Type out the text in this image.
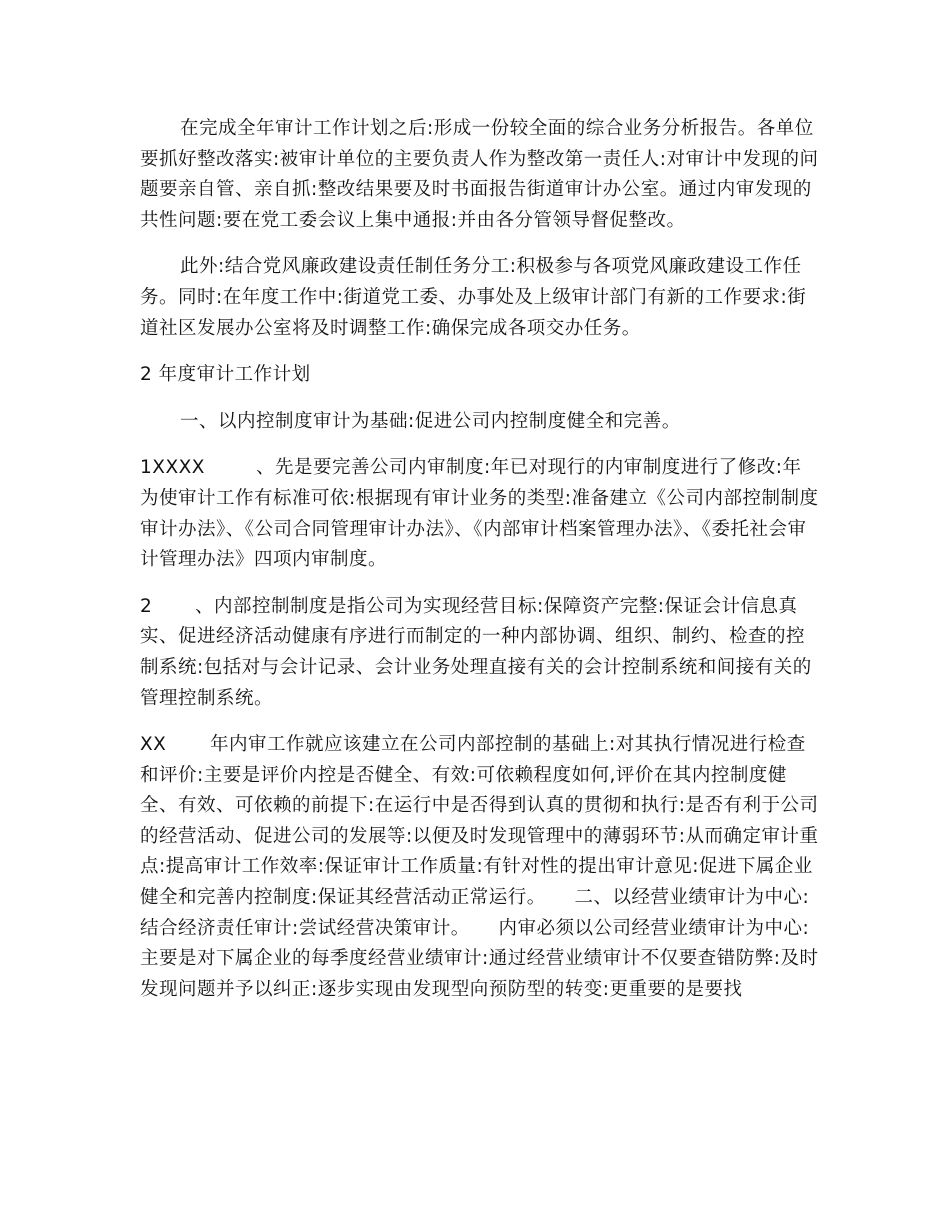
在完成全年审计工作计划之后:形成一份较全面的综合业务分析报告。各单位要抓好整改落实:被审计单位的主要负责人作为整改第一责任人:对审计中发现的问题要亲自管、亲自抓:整改结果要及时书面报告街道审计办公室。通过内审发现的共性问题:要在党工委会议上集中通报:并由各分管领导督促整改。

此外:结合党风廉政建设责任制任务分工:积极参与各项党风廉政建设工作任务。同时:在年度工作中:街道党工委、办事处及上级审计部门有新的工作要求:街道社区发展办公室将及时调整工作:确保完成各项交办任务。

2 年度审计工作计划

一、以内控制度审计为基础:促进公司内控制度健全和完善。

1XXXX	、先是要完善公司内审制度:年已对现行的内审制度进行了修改:年为使审计工作有标准可依:根据现有审计业务的类型:准备建立《公司内部控制制度审计办法》、《公司合同管理审计办法》、《内部审计档案管理办法》、《委托社会审计管理办法》四项内审制度。

2 、内部控制制度是指公司为实现经营目标:保障资产完整:保证会计信息真实、促进经济活动健康有序进行而制定的一种内部协调、组织、制约、检查的控制系统:包括对与会计记录、会计业务处理直接有关的会计控制系统和间接有关的管理控制系统。

XX 年内审工作就应该建立在公司内部控制的基础上:对其执行情况进行检查和评价:主要是评价内控是否健全、有效:可依赖程度如何,评价在其内控制度健全、有效、可依赖的前提下:在运行中是否得到认真的贯彻和执行:是否有利于公司的经营活动、促进公司的发展等:以便及时发现管理中的薄弱环节:从而确定审计重点:提高审计工作效率:保证审计工作质量:有针对性的提出审计意见:促进下属企业健全和完善内控制度:保证其经营活动正常运行。　　二、以经营业绩审计为中心:结合经济责任审计:尝试经营决策审计。　　内审必须以公司经营业绩审计为中心:主要是对下属企业的每季度经营业绩审计:通过经营业绩审计不仅要查错防弊:及时发现问题并予以纠正:逐步实现由发现型向预防型的转变:更重要的是要找
